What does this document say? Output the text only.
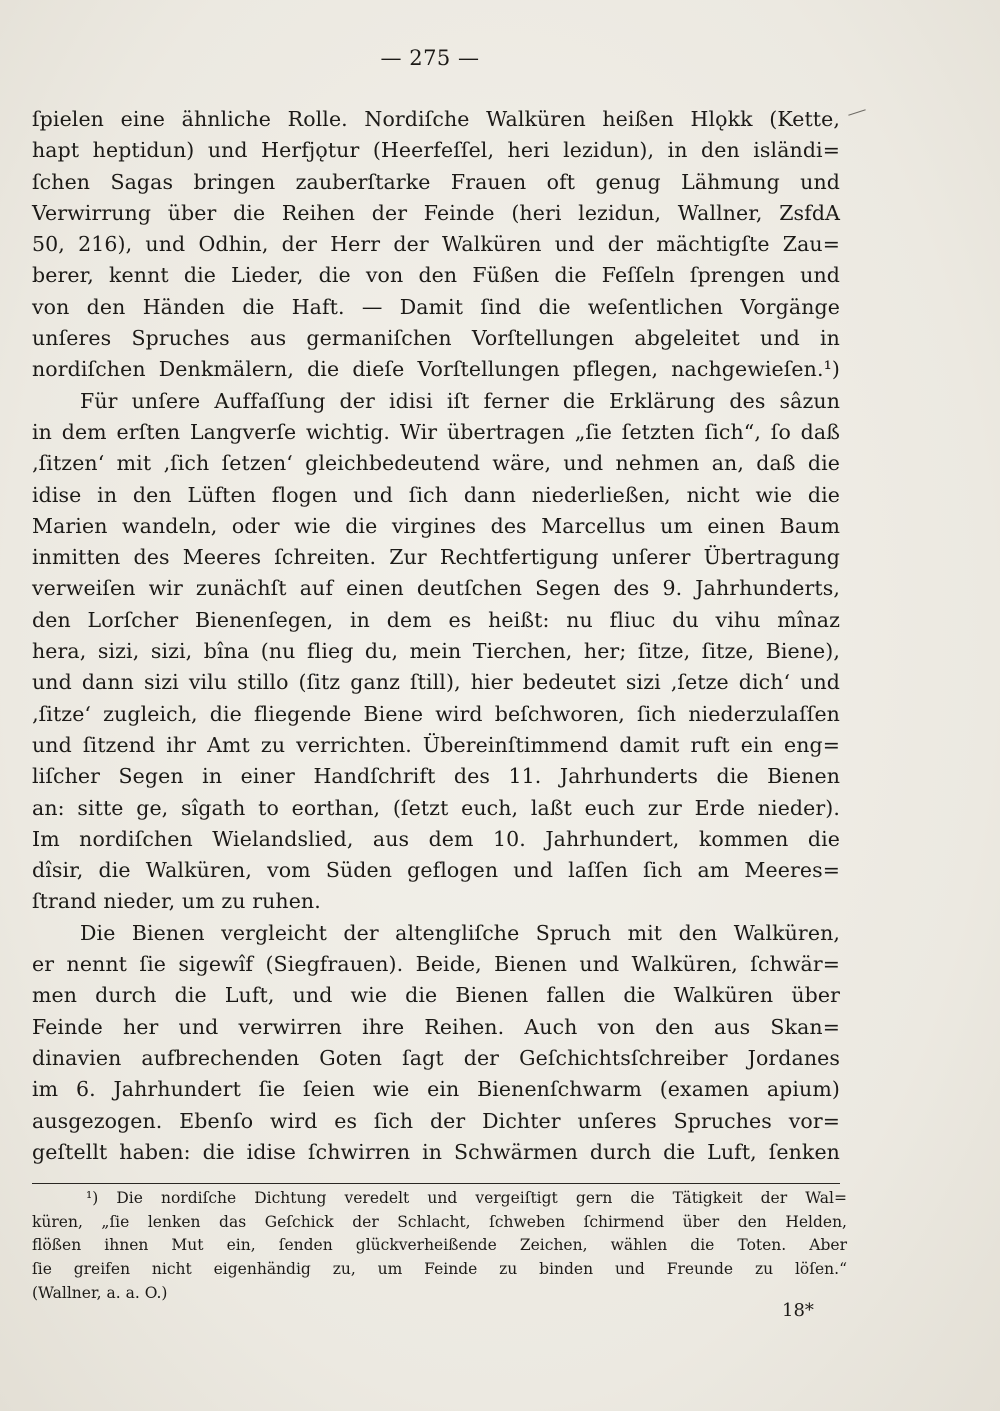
— 275 —
ſpielen eine ähnliche Rolle. Nordiſche Walküren heißen Hlǫkk (Kette,
hapt heptidun) und Herfjǫtur (Heerfeſſel, heri lezidun), in den isländi=
ſchen Sagas bringen zauberſtarke Frauen oft genug Lähmung und
Verwirrung über die Reihen der Feinde (heri lezidun, Wallner, ZsfdA
50, 216), und Odhin, der Herr der Walküren und der mächtigſte Zau=
berer, kennt die Lieder, die von den Füßen die Feſſeln ſprengen und
von den Händen die Haft. — Damit ſind die weſentlichen Vorgänge
unſeres Spruches aus germaniſchen Vorſtellungen abgeleitet und in
nordiſchen Denkmälern, die dieſe Vorſtellungen pflegen, nachgewieſen.¹)
Für unſere Auffaſſung der idisi iſt ferner die Erklärung des sâzun
in dem erſten Langverſe wichtig. Wir übertragen „ſie ſetzten ſich“, ſo daß
‚ſitzen‘ mit ‚ſich ſetzen‘ gleichbedeutend wäre, und nehmen an, daß die
idise in den Lüften flogen und ſich dann niederließen, nicht wie die
Marien wandeln, oder wie die virgines des Marcellus um einen Baum
inmitten des Meeres ſchreiten. Zur Rechtfertigung unſerer Übertragung
verweiſen wir zunächſt auf einen deutſchen Segen des 9. Jahrhunderts,
den Lorſcher Bienenſegen, in dem es heißt: nu fliuc du vihu mînaz
hera, sizi, sizi, bîna (nu flieg du, mein Tierchen, her; ſitze, ſitze, Biene),
und dann sizi vilu stillo (ſitz ganz ſtill), hier bedeutet sizi ‚ſetze dich‘ und
‚ſitze‘ zugleich, die fliegende Biene wird beſchworen, ſich niederzulaſſen
und ſitzend ihr Amt zu verrichten. Übereinſtimmend damit ruft ein eng=
liſcher Segen in einer Handſchrift des 11. Jahrhunderts die Bienen
an: sitte ge, sîgath to eorthan, (ſetzt euch, laßt euch zur Erde nieder).
Im nordiſchen Wielandslied, aus dem 10. Jahrhundert, kommen die
dîsir, die Walküren, vom Süden geflogen und laſſen ſich am Meeres=
ſtrand nieder, um zu ruhen.
Die Bienen vergleicht der altengliſche Spruch mit den Walküren,
er nennt ſie sigewîf (Siegfrauen). Beide, Bienen und Walküren, ſchwär=
men durch die Luft, und wie die Bienen fallen die Walküren über
Feinde her und verwirren ihre Reihen. Auch von den aus Skan=
dinavien aufbrechenden Goten ſagt der Geſchichtsſchreiber Jordanes
im 6. Jahrhundert ſie ſeien wie ein Bienenſchwarm (examen apium)
ausgezogen. Ebenſo wird es ſich der Dichter unſeres Spruches vor=
geſtellt haben: die idise ſchwirren in Schwärmen durch die Luft, ſenken
¹) Die nordiſche Dichtung veredelt und vergeiſtigt gern die Tätigkeit der Wal=
küren, „ſie lenken das Geſchick der Schlacht, ſchweben ſchirmend über den Helden,
flößen ihnen Mut ein, ſenden glückverheißende Zeichen, wählen die Toten. Aber
ſie greifen nicht eigenhändig zu, um Feinde zu binden und Freunde zu löſen.“
(Wallner, a. a. O.)
18*
